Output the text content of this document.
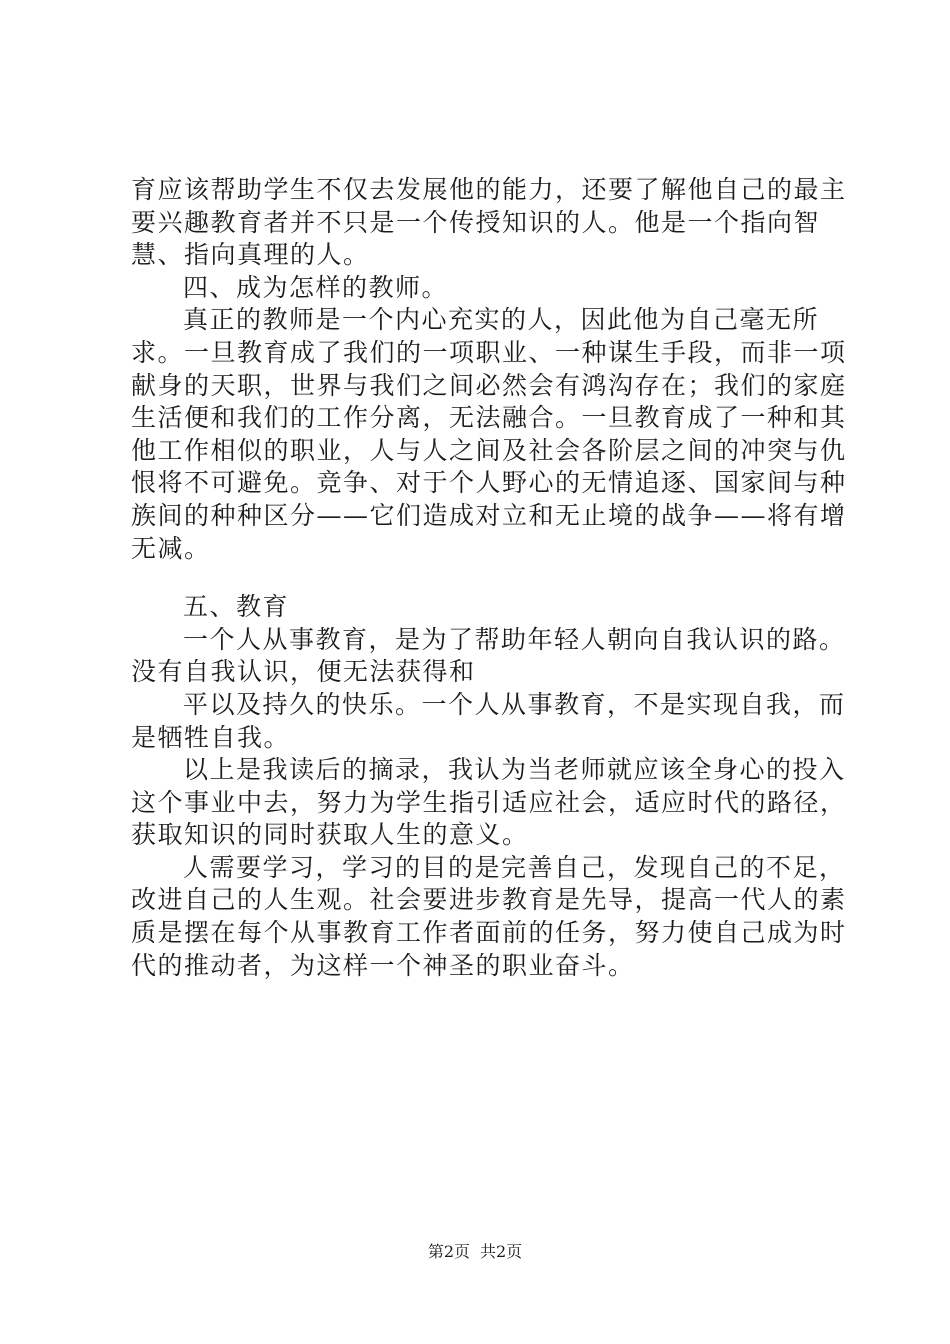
育应该帮助学生不仅去发展他的能力，还要了解他自己的最主要兴趣教育者并不只是一个传授知识的人。他是一个指向智慧、指向真理的人。

四、成为怎样的教师。

真正的教师是一个内心充实的人，因此他为自己毫无所求。一旦教育成了我们的一项职业、一种谋生手段，而非一项献身的天职，世界与我们之间必然会有鸿沟存在；我们的家庭生活便和我们的工作分离，无法融合。一旦教育成了一种和其他工作相似的职业，人与人之间及社会各阶层之间的冲突与仇恨将不可避免。竞争、对于个人野心的无情追逐、国家间与种族间的种种区分——它们造成对立和无止境的战争——将有增无减。

五、教育

一个人从事教育，是为了帮助年轻人朝向自我认识的路。没有自我认识，便无法获得和

平以及持久的快乐。一个人从事教育，不是实现自我，而是牺牲自我。

以上是我读后的摘录，我认为当老师就应该全身心的投入这个事业中去，努力为学生指引适应社会，适应时代的路径，获取知识的同时获取人生的意义。

人需要学习，学习的目的是完善自己，发现自己的不足，改进自己的人生观。社会要进步教育是先导，提高一代人的素质是摆在每个从事教育工作者面前的任务，努力使自己成为时代的推动者，为这样一个神圣的职业奋斗。

第2页 共2页
